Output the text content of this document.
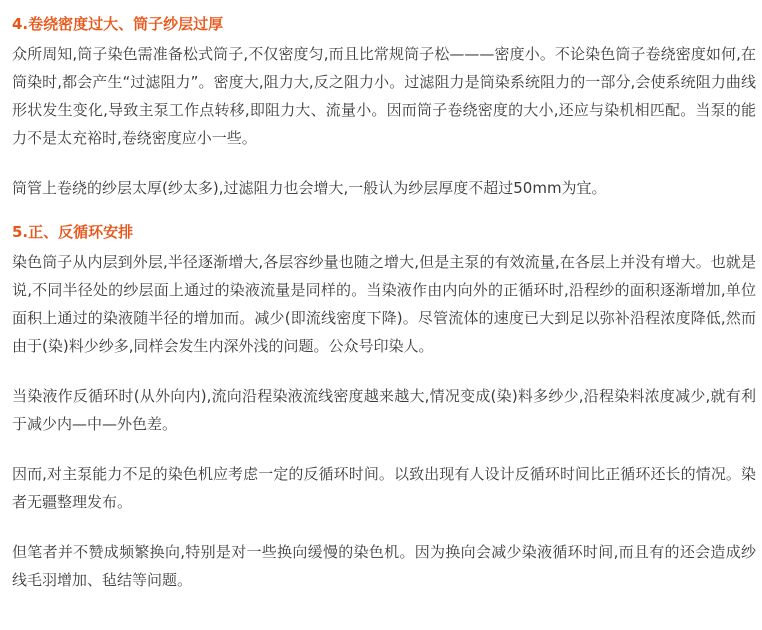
4.卷绕密度过大、筒子纱层过厚

众所周知,筒子染色需准备松式筒子,不仅密度匀,而且比常规筒子松———密度小。不论染色筒子卷绕密度如何,在筒染时,都会产生“过滤阻力”。密度大,阻力大,反之阻力小。过滤阻力是筒染系统阻力的一部分,会使系统阻力曲线形状发生变化,导致主泵工作点转移,即阻力大、流量小。因而筒子卷绕密度的大小,还应与染机相匹配。当泵的能力不是太充裕时,卷绕密度应小一些。

筒管上卷绕的纱层太厚(纱太多),过滤阻力也会增大,一般认为纱层厚度不超过50mm为宜。

5.正、反循环安排

染色筒子从内层到外层,半径逐渐增大,各层容纱量也随之增大,但是主泵的有效流量,在各层上并没有增大。也就是说,不同半径处的纱层面上通过的染液流量是同样的。当染液作由内向外的正循环时,沿程纱的面积逐渐增加,单位面积上通过的染液随半径的增加而。减少(即流线密度下降)。尽管流体的速度已大到足以弥补沿程浓度降低,然而由于(染)料少纱多,同样会发生内深外浅的问题。公众号印染人。

当染液作反循环时(从外向内),流向沿程染液流线密度越来越大,情况变成(染)料多纱少,沿程染料浓度减少,就有利于减少内—中—外色差。

因而,对主泵能力不足的染色机应考虑一定的反循环时间。以致出现有人设计反循环时间比正循环还长的情况。染者无疆整理发布。

但笔者并不赞成频繁换向,特别是对一些换向缓慢的染色机。因为换向会减少染液循环时间,而且有的还会造成纱线毛羽增加、毡结等问题。
